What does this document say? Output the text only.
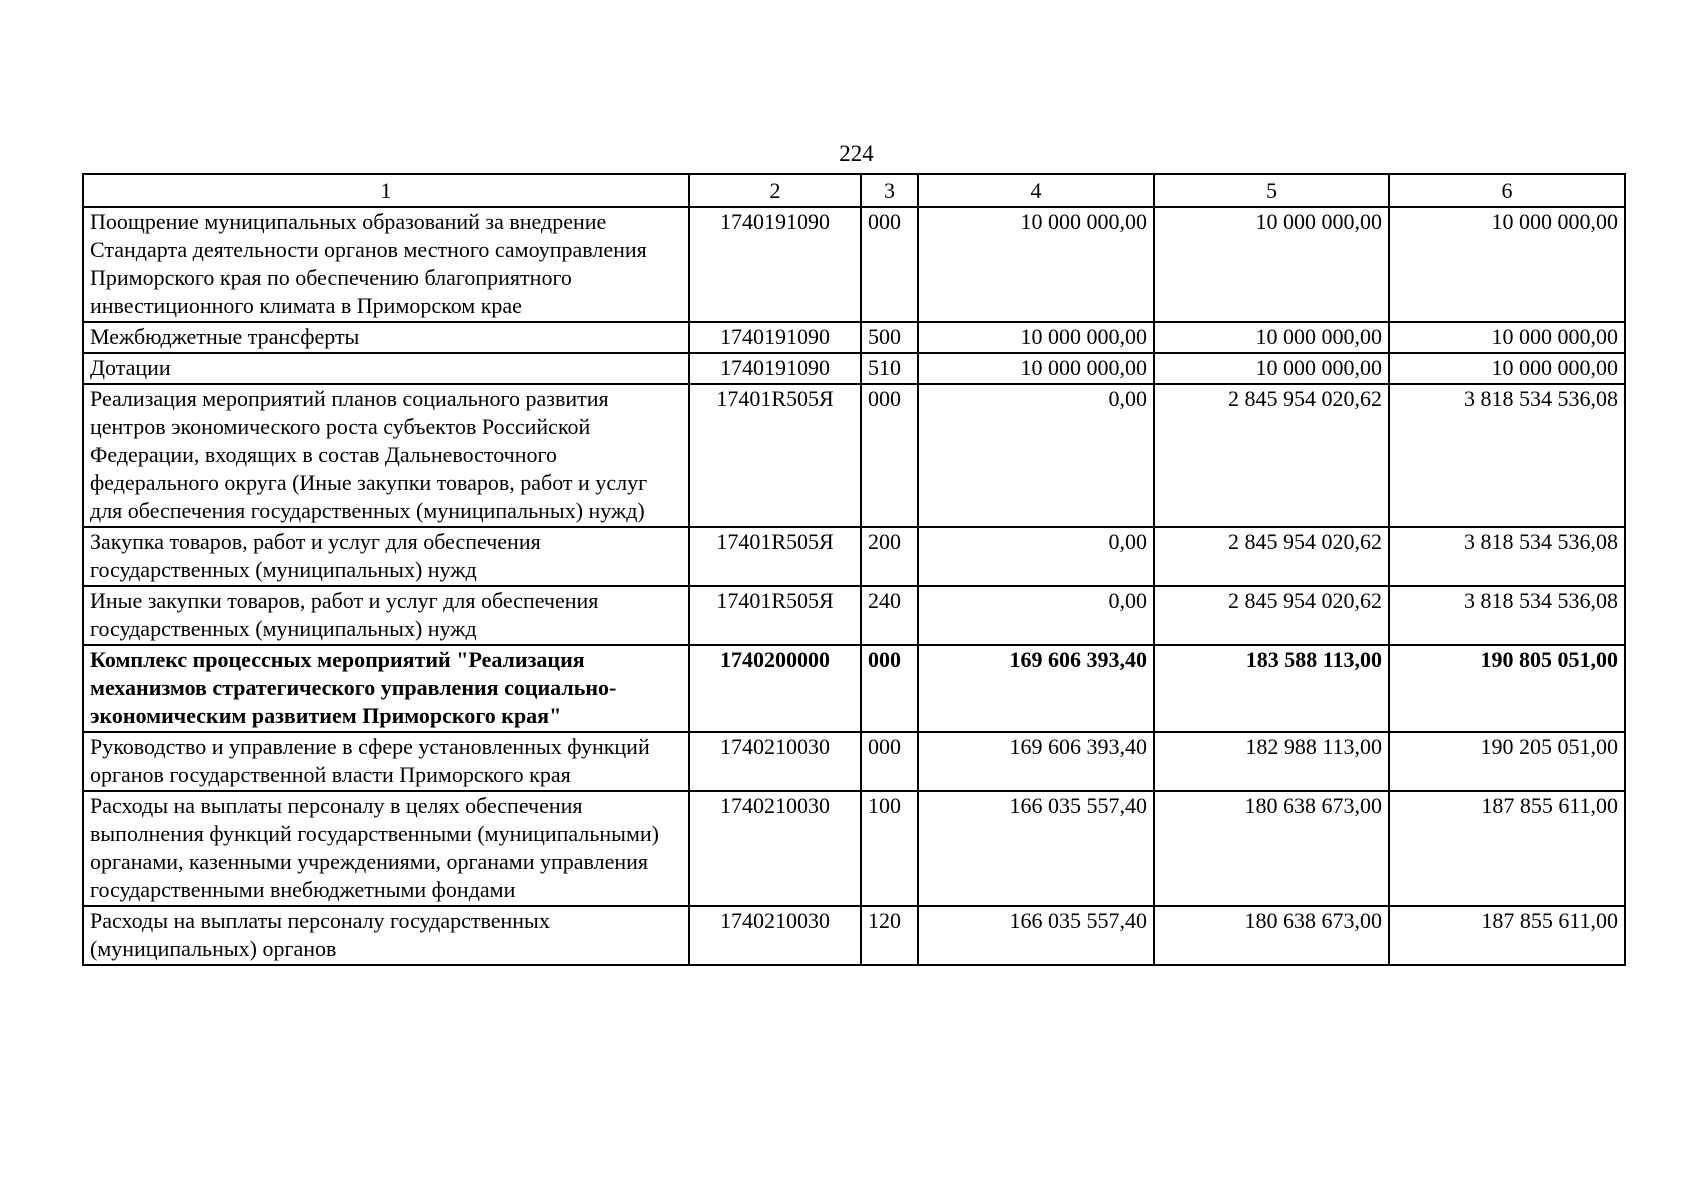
224
1	2	3	4	5	6
Поощрение муниципальных образований за внедрение Стандарта деятельности органов местного самоуправления Приморского края по обеспечению благоприятного инвестиционного климата в Приморском крае	1740191090	000	10 000 000,00	10 000 000,00	10 000 000,00
Межбюджетные трансферты	1740191090	500	10 000 000,00	10 000 000,00	10 000 000,00
Дотации	1740191090	510	10 000 000,00	10 000 000,00	10 000 000,00
Реализация мероприятий планов социального развития центров экономического роста субъектов Российской Федерации, входящих в состав Дальневосточного федерального округа (Иные закупки товаров, работ и услуг для обеспечения государственных (муниципальных) нужд)	17401R505Я	000	0,00	2 845 954 020,62	3 818 534 536,08
Закупка товаров, работ и услуг для обеспечения государственных (муниципальных) нужд	17401R505Я	200	0,00	2 845 954 020,62	3 818 534 536,08
Иные закупки товаров, работ и услуг для обеспечения государственных (муниципальных) нужд	17401R505Я	240	0,00	2 845 954 020,62	3 818 534 536,08
Комплекс процессных мероприятий "Реализация механизмов стратегического управления социально-экономическим развитием Приморского края"	1740200000	000	169 606 393,40	183 588 113,00	190 805 051,00
Руководство и управление в сфере установленных функций органов государственной власти Приморского края	1740210030	000	169 606 393,40	182 988 113,00	190 205 051,00
Расходы на выплаты персоналу в целях обеспечения выполнения функций государственными (муниципальными) органами, казенными учреждениями, органами управления государственными внебюджетными фондами	1740210030	100	166 035 557,40	180 638 673,00	187 855 611,00
Расходы на выплаты персоналу государственных (муниципальных) органов	1740210030	120	166 035 557,40	180 638 673,00	187 855 611,00
